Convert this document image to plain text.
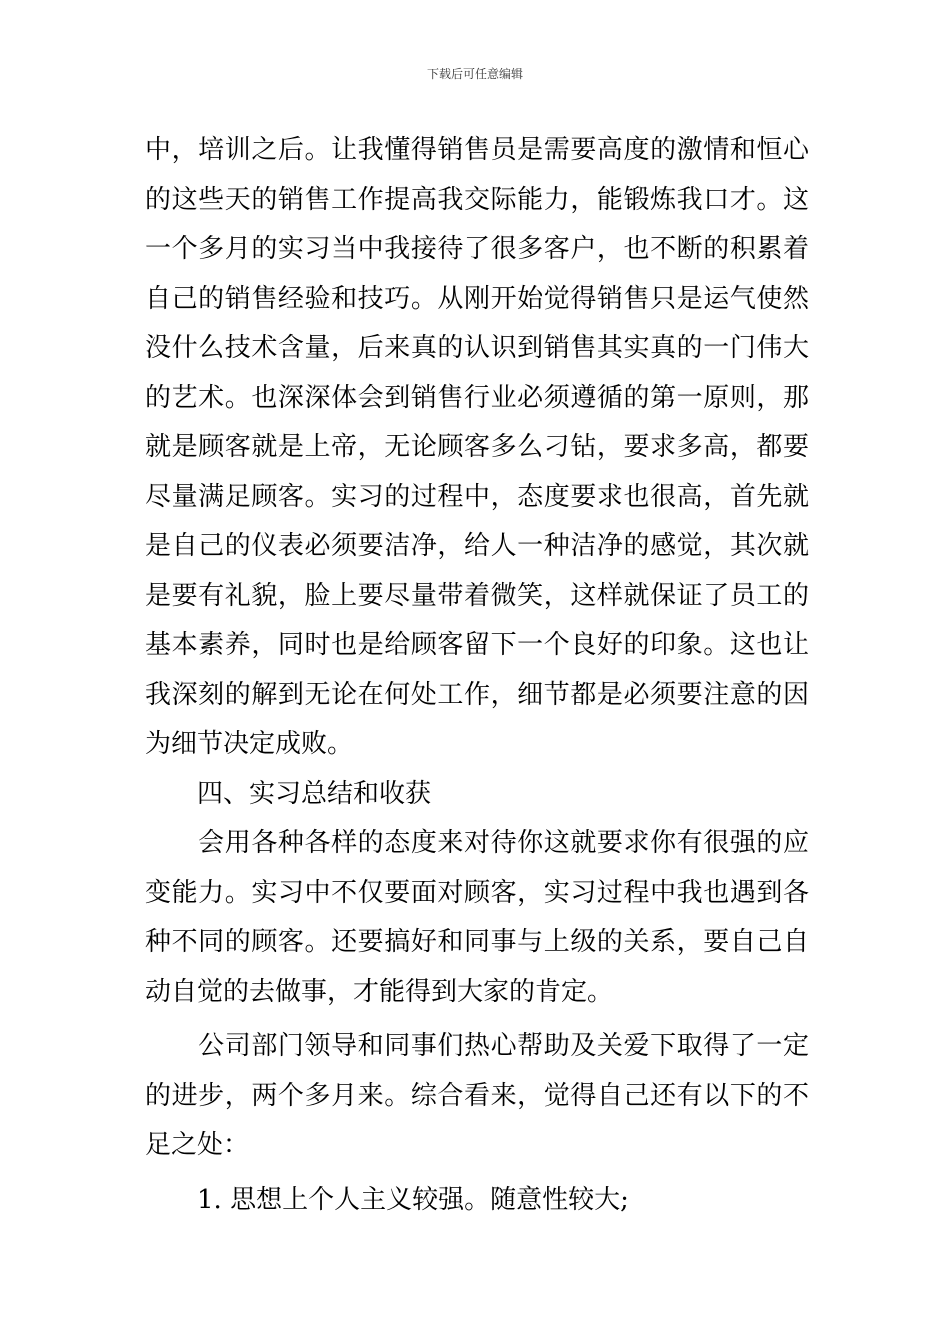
下载后可任意编辑
中，培训之后。让我懂得销售员是需要高度的激情和恒心
的这些天的销售工作提高我交际能力，能锻炼我口才。这
一个多月的实习当中我接待了很多客户，也不断的积累着
自己的销售经验和技巧。从刚开始觉得销售只是运气使然
没什么技术含量，后来真的认识到销售其实真的一门伟大
的艺术。也深深体会到销售行业必须遵循的第一原则，那
就是顾客就是上帝，无论顾客多么刁钻，要求多高，都要
尽量满足顾客。实习的过程中，态度要求也很高，首先就
是自己的仪表必须要洁净，给人一种洁净的感觉，其次就
是要有礼貌，脸上要尽量带着微笑，这样就保证了员工的
基本素养，同时也是给顾客留下一个良好的印象。这也让
我深刻的解到无论在何处工作，细节都是必须要注意的因
为细节决定成败。
　　四、实习总结和收获
　　会用各种各样的态度来对待你这就要求你有很强的应
变能力。实习中不仅要面对顾客，实习过程中我也遇到各
种不同的顾客。还要搞好和同事与上级的关系，要自己自
动自觉的去做事，才能得到大家的肯定。
　　公司部门领导和同事们热心帮助及关爱下取得了一定
的进步，两个多月来。综合看来，觉得自己还有以下的不
足之处：
　　1. 思想上个人主义较强。随意性较大;
